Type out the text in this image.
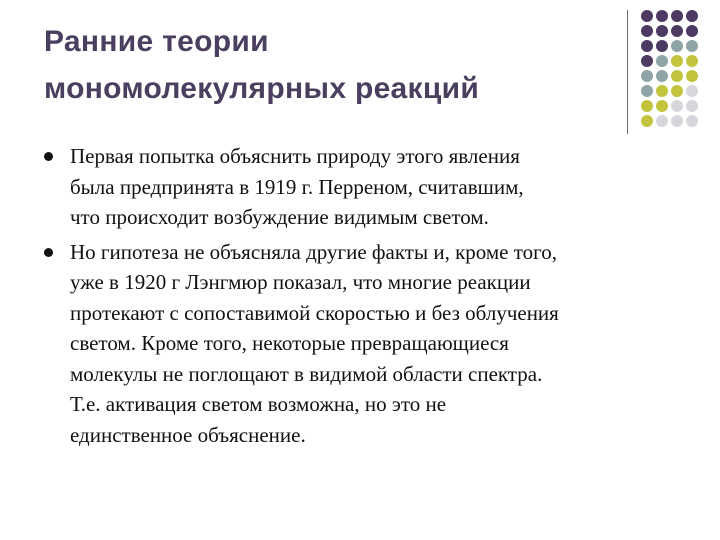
Ранние теории
мономолекулярных реакций
Первая попытка объяснить природу этого явления
была предпринята в 1919 г. Перреном, считавшим,
что происходит возбуждение видимым светом.
Но гипотеза не объясняла другие факты и, кроме того,
уже в 1920 г Лэнгмюр показал, что многие реакции
протекают с сопоставимой скоростью и без облучения
светом. Кроме того, некоторые превращающиеся
молекулы не поглощают в видимой области спектра.
Т.е. активация светом возможна, но это не
единственное объяснение.
